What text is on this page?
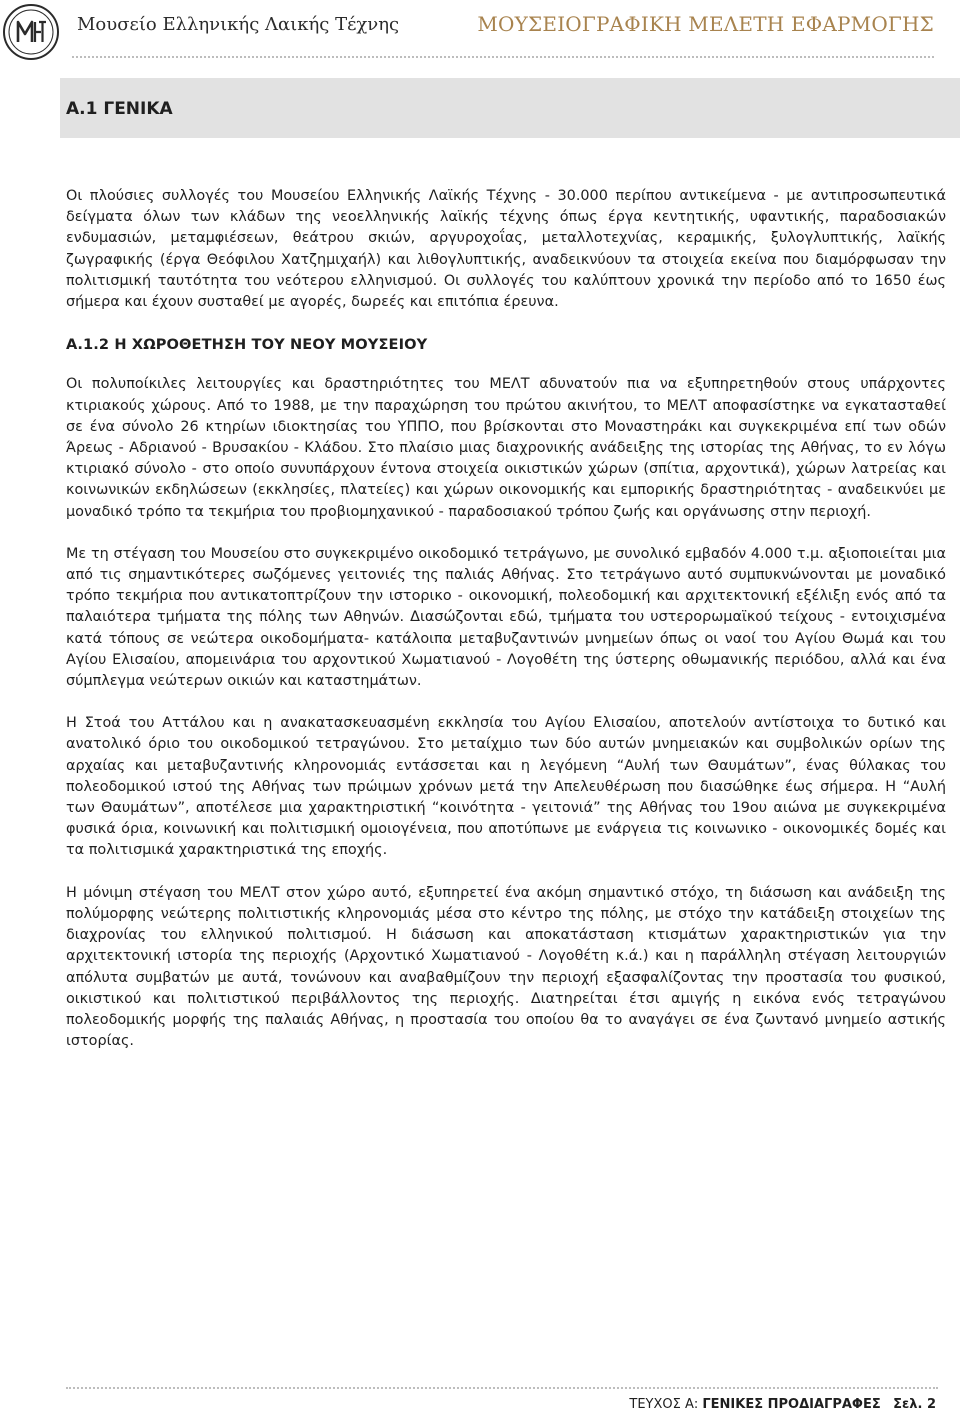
Μουσείο Ελληνικής Λαικής Τέχνης	ΜΟΥΣΕΙΟΓΡΑΦΙΚΗ ΜΕΛΕΤΗ ΕΦΑΡΜΟΓΗΣ
Α.1 ΓΕΝΙΚΑ

Οι πλούσιες συλλογές του Μουσείου Ελληνικής Λαϊκής Τέχνης - 30.000 περίπου αντικείμενα - με αντιπροσωπευτικά δείγματα όλων των κλάδων της νεοελληνικής λαϊκής τέχνης όπως έργα κεντητικής, υφαντικής, παραδοσιακών ενδυμασιών, μεταμφιέσεων, θεάτρου σκιών, αργυροχοΐας, μεταλλοτεχνίας, κεραμικής, ξυλογλυπτικής, λαϊκής ζωγραφικής (έργα Θεόφιλου Χατζημιχαήλ) και λιθογλυπτικής, αναδεικνύουν τα στοιχεία εκείνα που διαμόρφωσαν την πολιτισμική ταυτότητα του νεότερου ελληνισμού. Οι συλλογές του καλύπτουν χρονικά την περίοδο από το 1650 έως σήμερα και έχουν συσταθεί με αγορές, δωρεές και επιτόπια έρευνα.

Α.1.2 Η ΧΩΡΟΘΕΤΗΣΗ ΤΟΥ ΝΕΟΥ ΜΟΥΣΕΙΟΥ

Οι πολυποίκιλες λειτουργίες και δραστηριότητες του ΜΕΛΤ αδυνατούν πια να εξυπηρετηθούν στους υπάρχοντες κτιριακούς χώρους. Από το 1988, με την παραχώρηση του πρώτου ακινήτου, το ΜΕΛΤ αποφασίστηκε να εγκατασταθεί σε ένα σύνολο 26 κτηρίων ιδιοκτησίας του ΥΠΠΟ, που βρίσκονται στο Μοναστηράκι και συγκεκριμένα επί των οδών Άρεως - Αδριανού - Βρυσακίου - Κλάδου. Στο πλαίσιο μιας διαχρονικής ανάδειξης της ιστορίας της Αθήνας, το εν λόγω κτιριακό σύνολο - στο οποίο συνυπάρχουν έντονα στοιχεία οικιστικών χώρων (σπίτια, αρχοντικά), χώρων λατρείας και κοινωνικών εκδηλώσεων (εκκλησίες, πλατείες) και χώρων οικονομικής και εμπορικής δραστηριότητας - αναδεικνύει με μοναδικό τρόπο τα τεκμήρια του προβιομηχανικού - παραδοσιακού τρόπου ζωής και οργάνωσης στην περιοχή.

Με τη στέγαση του Μουσείου στο συγκεκριμένο οικοδομικό τετράγωνο, με συνολικό εμβαδόν 4.000 τ.μ. αξιοποιείται μια από τις σημαντικότερες σωζόμενες γειτονιές της παλιάς Αθήνας. Στο τετράγωνο αυτό συμπυκνώνονται με μοναδικό τρόπο τεκμήρια που αντικατοπτρίζουν την ιστορικο - οικονομική, πολεοδομική και αρχιτεκτονική εξέλιξη ενός από τα παλαιότερα τμήματα της πόλης των Αθηνών. Διασώζονται εδώ, τμήματα του υστερορωμαϊκού τείχους - εντοιχισμένα κατά τόπους σε νεώτερα οικοδομήματα- κατάλοιπα μεταβυζαντινών μνημείων όπως οι ναοί του Αγίου Θωμά και του Αγίου Ελισαίου, απομεινάρια του αρχοντικού Χωματιανού - Λογοθέτη της ύστερης οθωμανικής περιόδου, αλλά και ένα σύμπλεγμα νεώτερων οικιών και καταστημάτων.

Η Στοά του Αττάλου και η ανακατασκευασμένη εκκλησία του Αγίου Ελισαίου, αποτελούν αντίστοιχα το δυτικό και ανατολικό όριο του οικοδομικού τετραγώνου. Στο μεταίχμιο των δύο αυτών μνημειακών και συμβολικών ορίων της αρχαίας και μεταβυζαντινής κληρονομιάς εντάσσεται και η λεγόμενη “Αυλή των Θαυμάτων”, ένας θύλακας του πολεοδομικού ιστού της Αθήνας των πρώιμων χρόνων μετά την Απελευθέρωση που διασώθηκε έως σήμερα. Η “Αυλή των Θαυμάτων”, αποτέλεσε μια χαρακτηριστική “κοινότητα - γειτονιά” της Αθήνας του 19ου αιώνα με συγκεκριμένα φυσικά όρια, κοινωνική και πολιτισμική ομοιογένεια, που αποτύπωνε με ενάργεια τις κοινωνικο - οικονομικές δομές και τα πολιτισμικά χαρακτηριστικά της εποχής.

Η μόνιμη στέγαση του ΜΕΛΤ στον χώρο αυτό, εξυπηρετεί ένα ακόμη σημαντικό στόχο, τη διάσωση και ανάδειξη της πολύμορφης νεώτερης πολιτιστικής κληρονομιάς μέσα στο κέντρο της πόλης, με στόχο την κατάδειξη στοιχείων της διαχρονίας του ελληνικού πολιτισμού. Η διάσωση και αποκατάσταση κτισμάτων χαρακτηριστικών για την αρχιτεκτονική ιστορία της περιοχής (Αρχοντικό Χωματιανού - Λογοθέτη κ.ά.) και η παράλληλη στέγαση λειτουργιών απόλυτα συμβατών με αυτά, τονώνουν και αναβαθμίζουν την περιοχή εξασφαλίζοντας την προστασία του φυσικού, οικιστικού και πολιτιστικού περιβάλλοντος της περιοχής. Διατηρείται έτσι αμιγής η εικόνα ενός τετραγώνου πολεοδομικής μορφής της παλαιάς Αθήνας, η προστασία του οποίου θα το αναγάγει σε ένα ζωντανό μνημείο αστικής ιστορίας.

ΤΕΥΧΟΣ Α: ΓΕΝΙΚΕΣ ΠΡΟΔΙΑΓΡΑΦΕΣ Σελ. 2
